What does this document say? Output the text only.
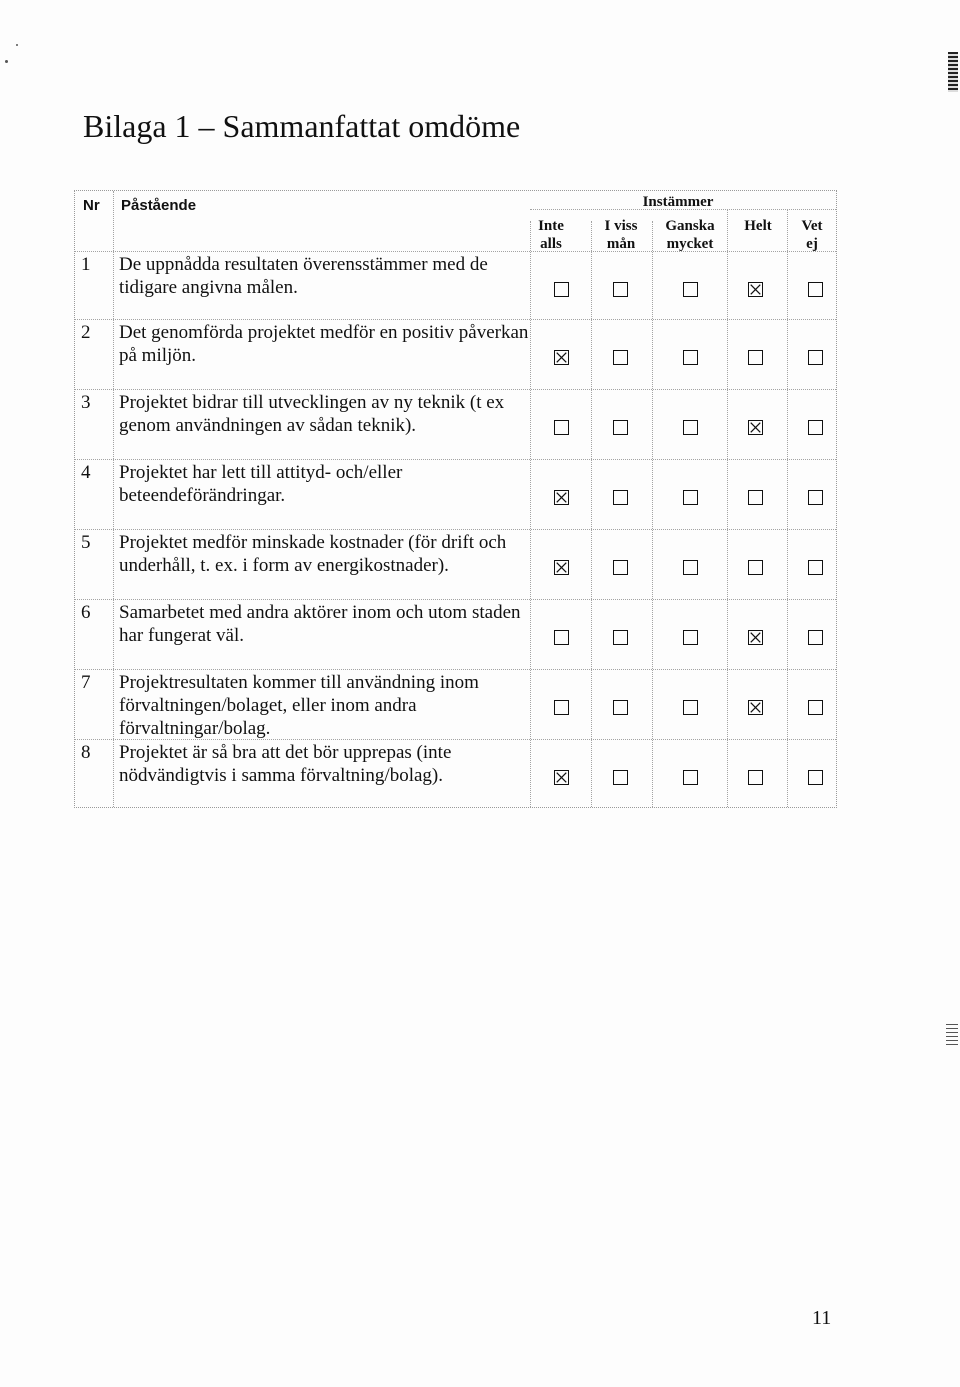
Bilaga 1 – Sammanfattat omdöme
Nr Påstående	Instämmer
Inte
alls
I viss
mån
Ganska
mycket
Helt	Vet
ej
1 De uppnådda resultaten överensstämmer med de tidigare angivna målen.
2 Det genomförda projektet medför en positiv påverkan på miljön.
3 Projektet bidrar till utvecklingen av ny teknik (t ex genom användningen av sådan teknik).
4 Projektet har lett till attityd- och/eller beteendeförändringar.
5 Projektet medför minskade kostnader (för drift och underhåll, t. ex. i form av energikostnader).
6 Samarbetet med andra aktörer inom och utom staden har fungerat väl.
7 Projektresultaten kommer till användning inom förvaltningen/bolaget, eller inom andra förvaltningar/bolag.
8 Projektet är så bra att det bör upprepas (inte nödvändigtvis i samma förvaltning/bolag).
11
